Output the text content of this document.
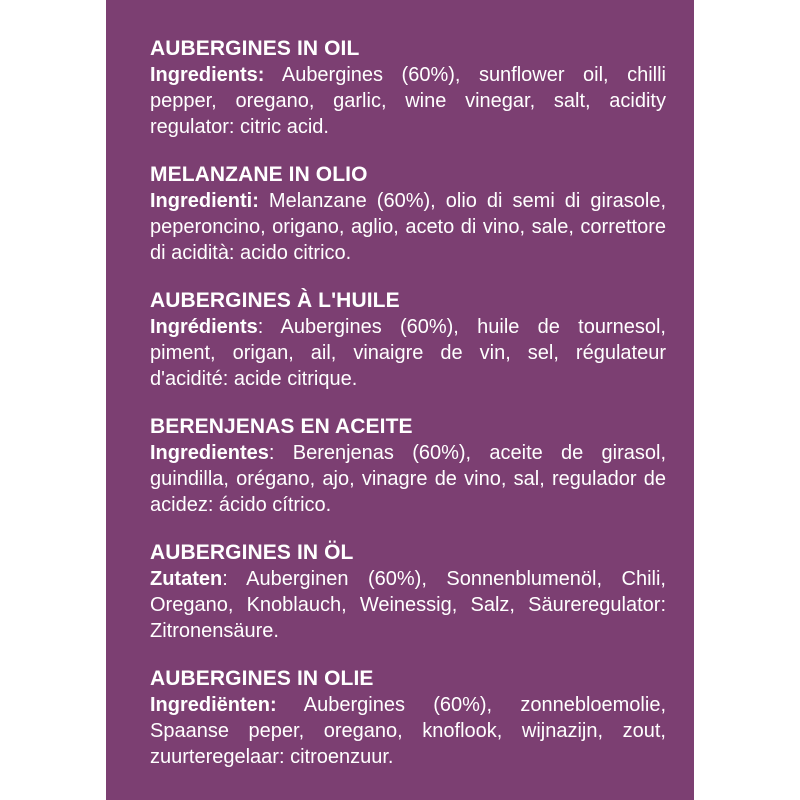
AUBERGINES IN OIL
Ingredients: Aubergines (60%), sunflower oil, chilli pepper, oregano, garlic, wine vinegar, salt, acidity regulator: citric acid.
MELANZANE IN OLIO
Ingredienti: Melanzane (60%), olio di semi di girasole, peperoncino, origano, aglio, aceto di vino, sale, correttore di acidità: acido citrico.
AUBERGINES À L'HUILE
Ingrédients: Aubergines (60%), huile de tournesol, piment, origan, ail, vinaigre de vin, sel, régulateur d'acidité: acide citrique.
BERENJENAS EN ACEITE
Ingredientes: Berenjenas (60%), aceite de girasol, guindilla, orégano, ajo, vinagre de vino, sal, regulador de acidez: ácido cítrico.
AUBERGINES IN ÖL
Zutaten: Auberginen (60%), Sonnenblumenöl, Chili, Oregano, Knoblauch, Weinessig, Salz, Säureregulator: Zitronensäure.
AUBERGINES IN OLIE
Ingrediënten: Aubergines (60%), zonnebloemolie, Spaanse peper, oregano, knoflook, wijnazijn, zout, zuurteregelaar: citroenzuur.
